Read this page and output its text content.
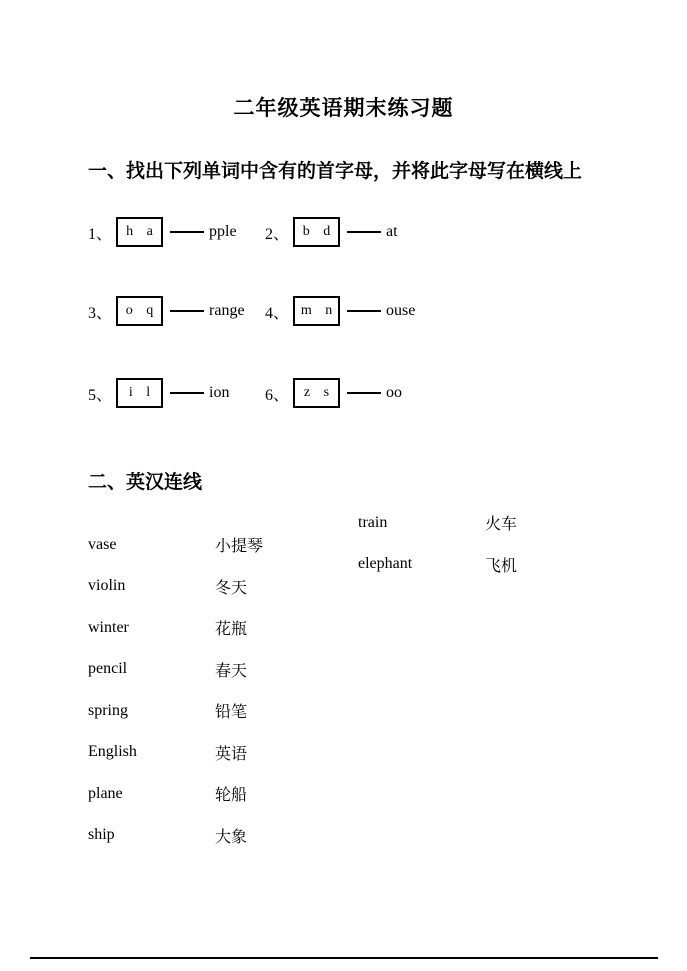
二年级英语期末练习题
一、找出下列单词中含有的首字母，并将此字母写在横线上
1、	h a	pple 2、 b d	at
3、 o q	range 4、 m n	ouse
5、	i l	ion 6、	z s	oo
二、英汉连线
train	火车
elephant	飞机
vase	小提琴
violin	冬天
winter	花瓶
pencil	春天
spring	铅笔
English	英语
plane	轮船
ship	大象
